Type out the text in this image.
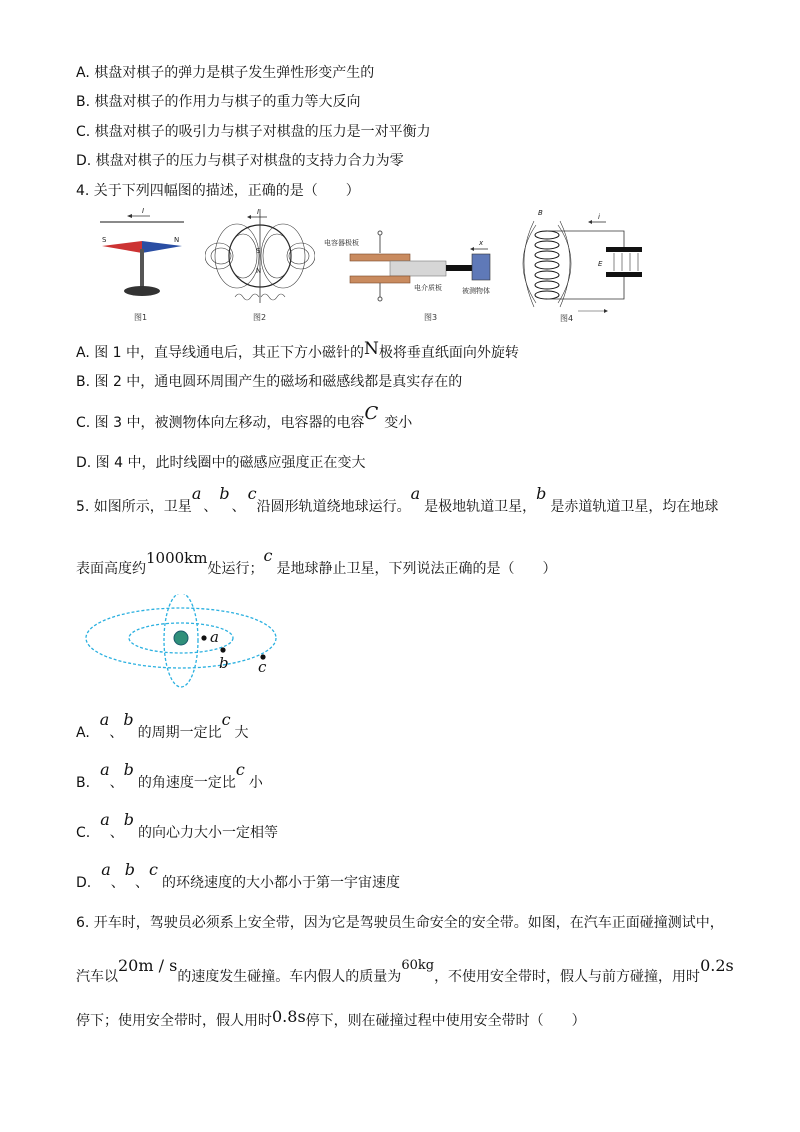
A. 棋盘对棋子的弹力是棋子发生弹性形变产生的
B. 棋盘对棋子的作用力与棋子的重力等大反向
C. 棋盘对棋子的吸引力与棋子对棋盘的压力是一对平衡力
D. 棋盘对棋子的压力与棋子对棋盘的支持力合力为零
4. 关于下列四幅图的描述，正确的是（　　）
I
S	N
图1
I
S
N
图2
电容器极板	x
电介质板	被测物体
图3
B	i
E
图4
A. 图 1 中，直导线通电后，其正下方小磁针的N极将垂直纸面向外旋转
B. 图 2 中，通电圆环周围产生的磁场和磁感线都是真实存在的
C. 图 3 中，被测物体向左移动，电容器的电容C 变小
D. 图 4 中，此时线圈中的磁感应强度正在变大
5. 如图所示，卫星a、b、c沿圆形轨道绕地球运行。a是极地轨道卫星，b是赤道轨道卫星，均在地球
表面高度约1000km处运行；c是地球静止卫星，下列说法正确的是（　　）
a
b c
A.a、b的周期一定比c大
B.a、b的角速度一定比c小
C.a、b的向心力大小一定相等
D.a、b、c的环绕速度的大小都小于第一宇宙速度
6. 开车时，驾驶员必须系上安全带，因为它是驾驶员生命安全的安全带。如图，在汽车正面碰撞测试中，
汽车以20m / s的速度发生碰撞。车内假人的质量为60kg，不使用安全带时，假人与前方碰撞，用时0.2s
停下；使用安全带时，假人用时0.8s停下，则在碰撞过程中使用安全带时（　　）
